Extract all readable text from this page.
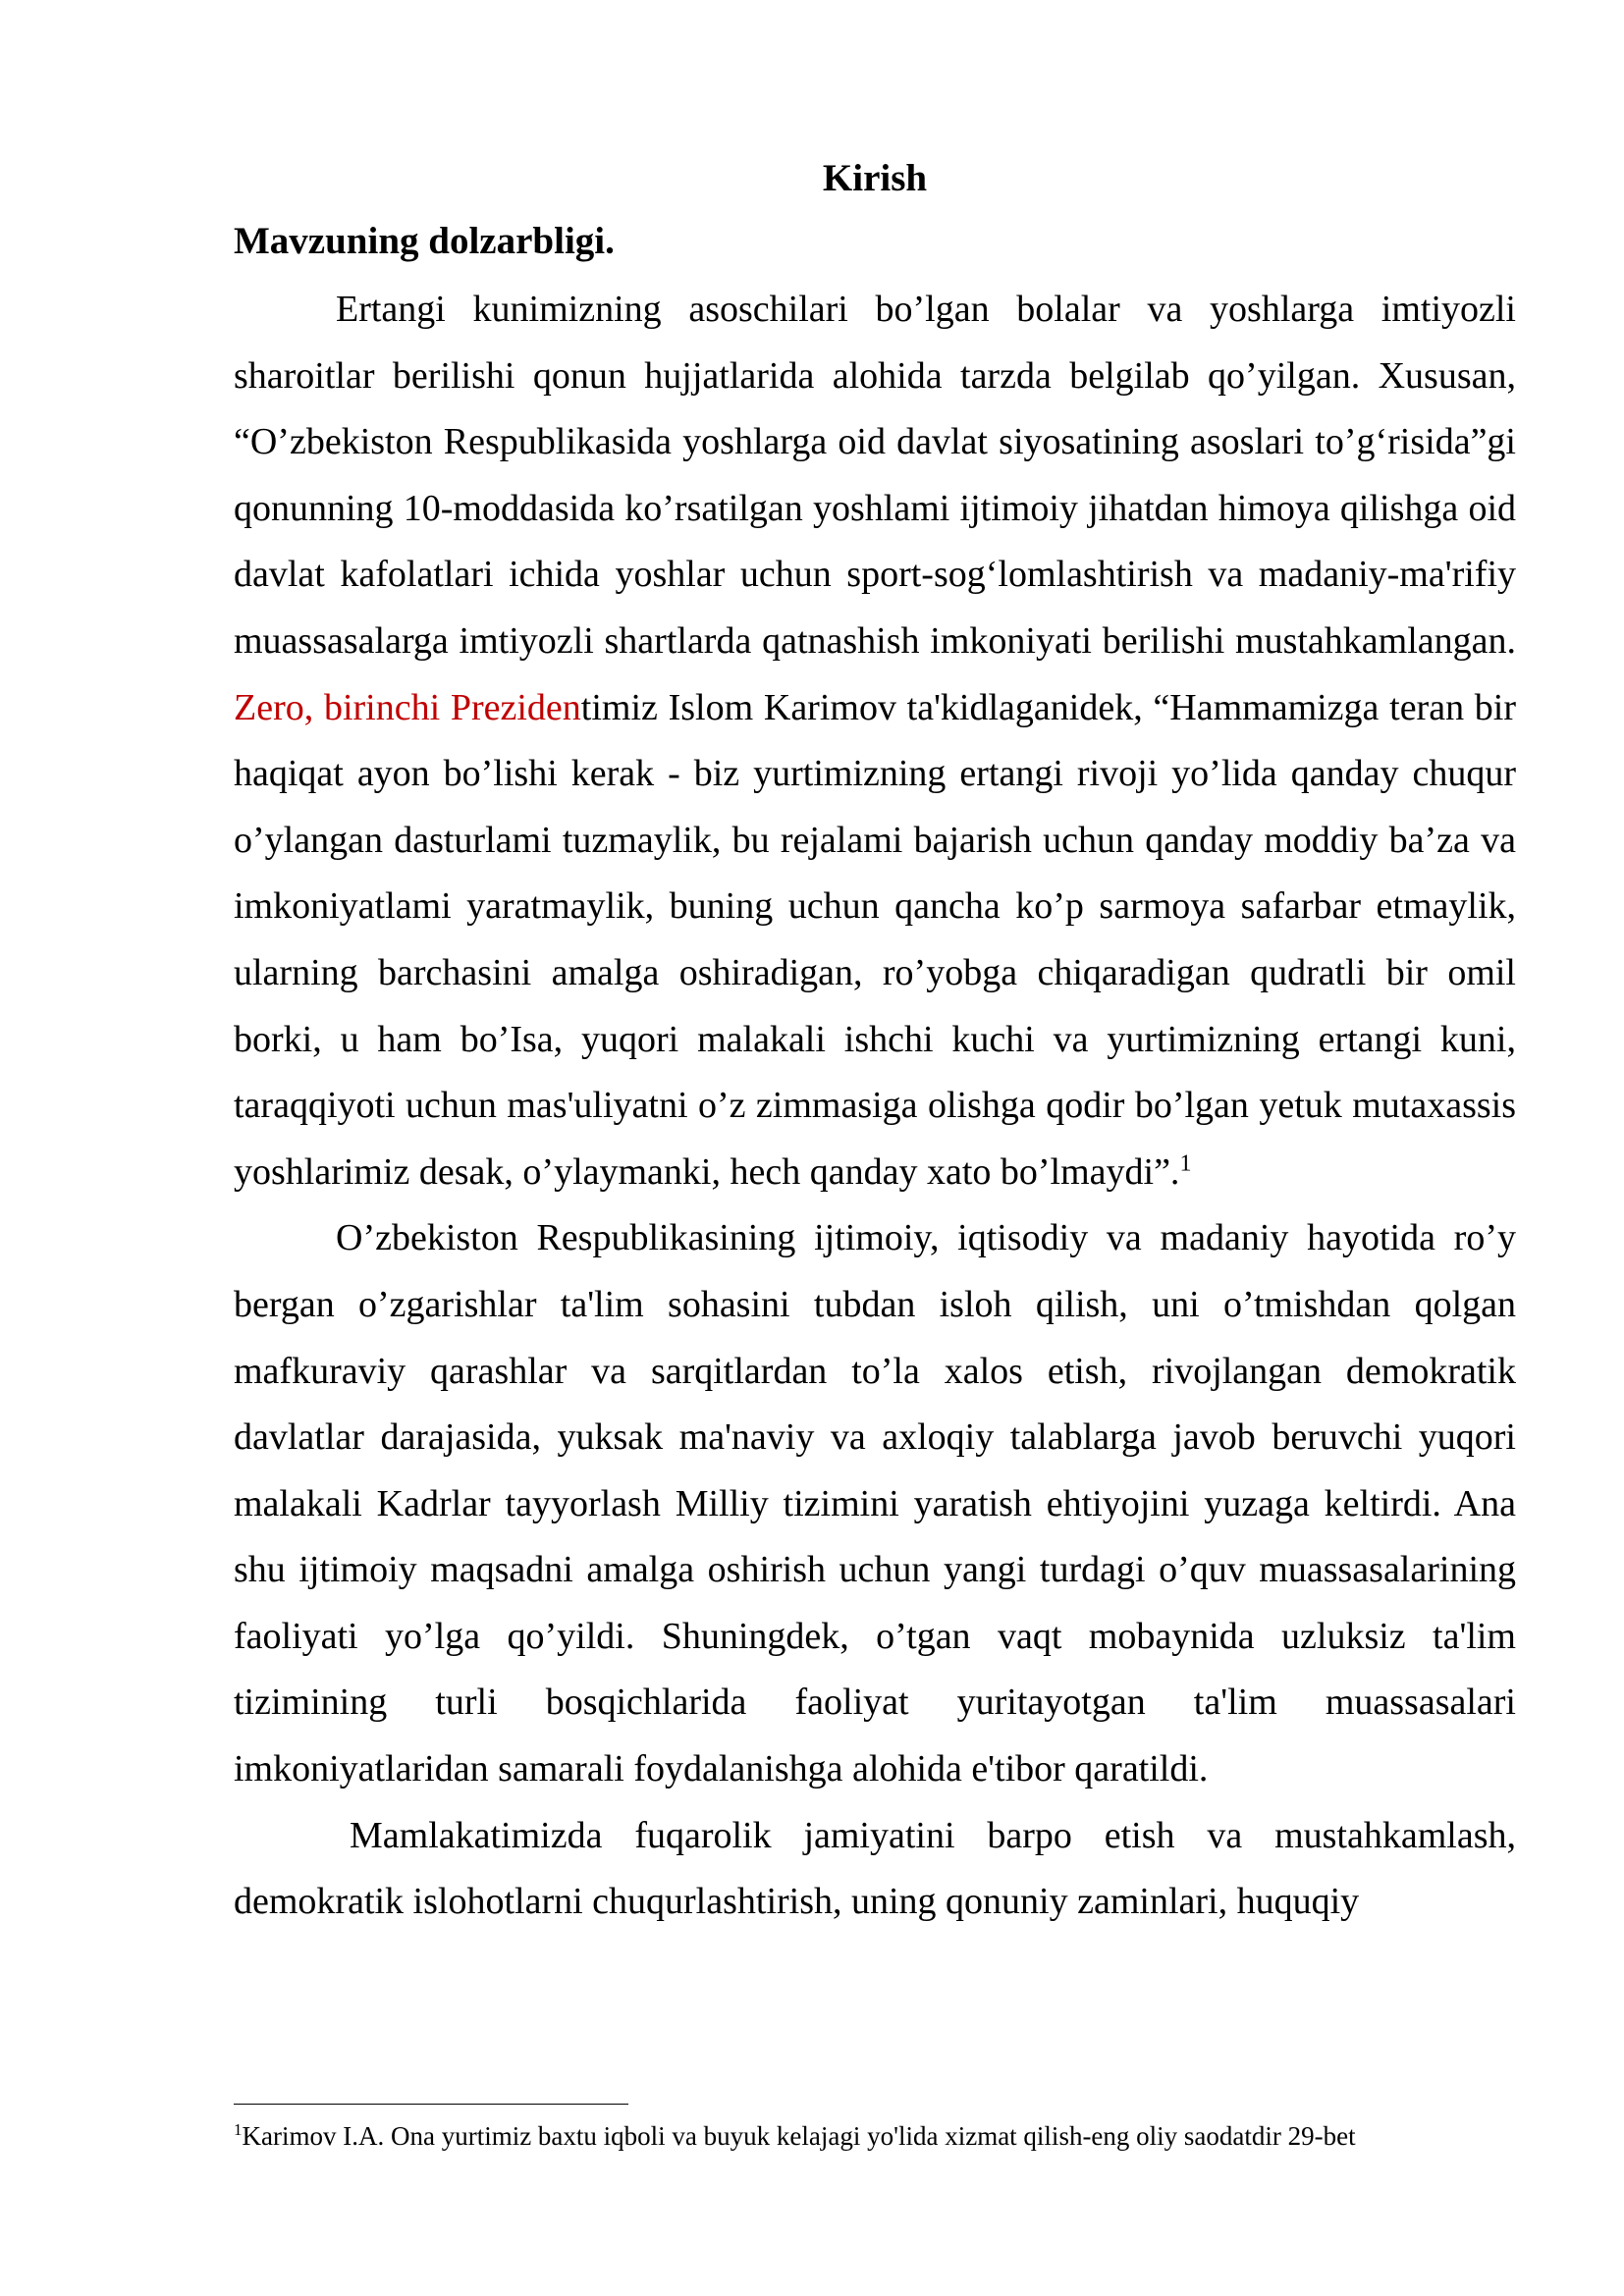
Kirish
Mavzuning dolzarbligi.

Ertangi kunimizning asoschilari bo’lgan bolalar va yoshlarga imtiyozli sharoitlar berilishi qonun hujjatlarida alohida tarzda belgilab qo’yilgan. Xususan, “O’zbekiston Respublikasida yoshlarga oid davlat siyosatining asoslari to’g‘risida”gi qonunning 10-moddasida ko’rsatilgan yoshlami ijtimoiy jihatdan himoya qilishga oid davlat kafolatlari ichida yoshlar uchun sport-sog‘lomlashtirish va madaniy-ma'rifiy muassasalarga imtiyozli shartlarda qatnashish imkoniyati berilishi mustahkamlangan. Zero, birinchi Prezidentimiz Islom Karimov ta'kidlaganidek, “Hammamizga teran bir haqiqat ayon bo’lishi kerak - biz yurtimizning ertangi rivoji yo’lida qanday chuqur o’ylangan dasturlami tuzmaylik, bu rejalami bajarish uchun qanday moddiy ba’za va imkoniyatlami yaratmaylik, buning uchun qancha ko’p sarmoya safarbar etmaylik, ularning barchasini amalga oshiradigan, ro’yobga chiqaradigan qudratli bir omil borki, u ham bo’Isa, yuqori malakali ishchi kuchi va yurtimizning ertangi kuni, taraqqiyoti uchun mas'uliyatni o’z zimmasiga olishga qodir bo’lgan yetuk mutaxassis yoshlarimiz desak, o’ylaymanki, hech qanday xato bo’lmaydi”.$^1$

O’zbekiston Respublikasining ijtimoiy, iqtisodiy va madaniy hayotida ro’y bergan o’zgarishlar ta'lim sohasini tubdan isloh qilish, uni o’tmishdan qolgan mafkuraviy qarashlar va sarqitlardan to’la xalos etish, rivojlangan demokratik davlatlar darajasida, yuksak ma'naviy va axloqiy talablarga javob beruvchi yuqori malakali Kadrlar tayyorlash Milliy tizimini yaratish ehtiyojini yuzaga keltirdi. Ana shu ijtimoiy maqsadni amalga oshirish uchun yangi turdagi o’quv muassasalarining faoliyati yo’lga qo’yildi. Shuningdek, o’tgan vaqt mobaynida uzluksiz ta'lim tizimining turli bosqichlarida faoliyat yuritayotgan ta'lim muassasalari imkoniyatlaridan samarali foydalanishga alohida e'tibor qaratildi.

Mamlakatimizda fuqarolik jamiyatini barpo etish va mustahkamlash, demokratik islohotlarni chuqurlashtirish, uning qonuniy zaminlari, huquqiy

$^1$Karimov I.A. Ona yurtimiz baxtu iqboli va buyuk kelajagi yo'lida xizmat qilish-eng oliy saodatdir 29-bet
